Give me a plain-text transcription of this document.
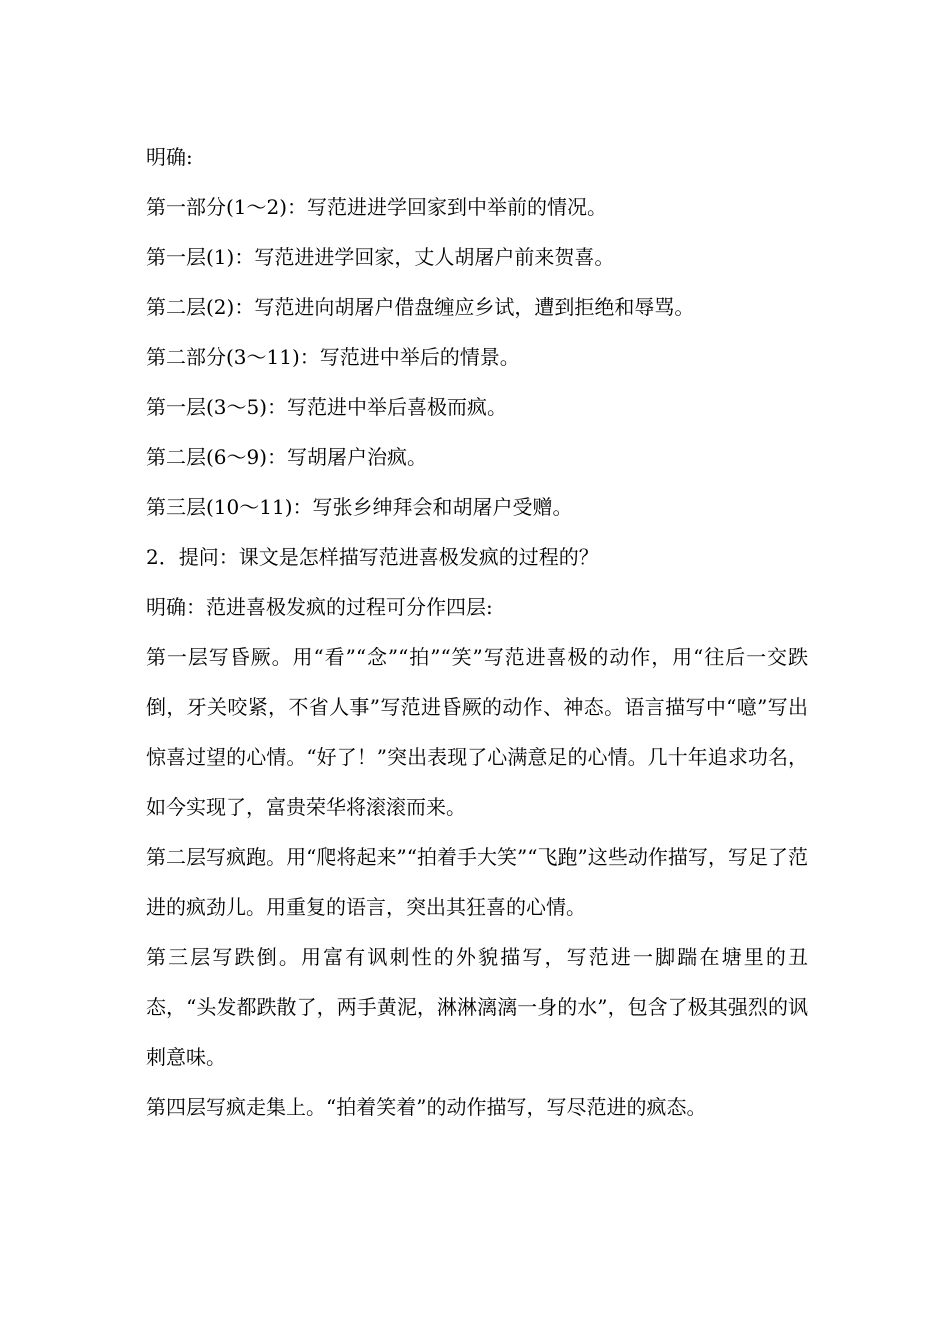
明确:

第一部分(1～2)：写范进进学回家到中举前的情况。

第一层(1)：写范进进学回家，丈人胡屠户前来贺喜。

第二层(2)：写范进向胡屠户借盘缠应乡试，遭到拒绝和辱骂。

第二部分(3～11)：写范进中举后的情景。

第一层(3～5)：写范进中举后喜极而疯。

第二层(6～9)：写胡屠户治疯。

第三层(10～11)：写张乡绅拜会和胡屠户受赠。

2．提问：课文是怎样描写范进喜极发疯的过程的？

明确：范进喜极发疯的过程可分作四层:

第一层写昏厥。用“看”“念”“拍”“笑”写范进喜极的动作，用“往后一交跌倒，牙关咬紧，不省人事”写范进昏厥的动作、神态。语言描写中“噫”写出惊喜过望的心情。“好了！”突出表现了心满意足的心情。几十年追求功名，如今实现了，富贵荣华将滚滚而来。

第二层写疯跑。用“爬将起来”“拍着手大笑”“飞跑”这些动作描写，写足了范进的疯劲儿。用重复的语言，突出其狂喜的心情。

第三层写跌倒。用富有讽刺性的外貌描写，写范进一脚踹在塘里的丑态，“头发都跌散了，两手黄泥，淋淋漓漓一身的水”，包含了极其强烈的讽刺意味。

第四层写疯走集上。“拍着笑着”的动作描写，写尽范进的疯态。
